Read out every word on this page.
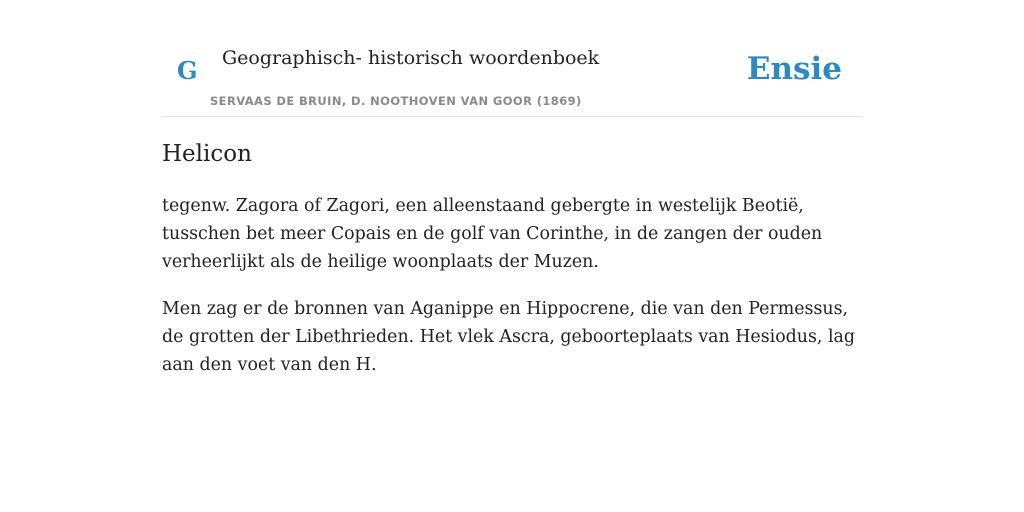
G Geographisch- historisch woordenboek
SERVAAS DE BRUIN, D. NOOTHOVEN VAN GOOR (1869)
Ensie
Helicon

tegenw. Zagora of Zagori, een alleenstaand gebergte in westelijk Beotië, tusschen bet meer Copais en de golf van Corinthe, in de zangen der ouden verheerlijkt als de heilige woonplaats der Muzen.

Men zag er de bronnen van Aganippe en Hippocrene, die van den Permessus, de grotten der Libethrieden. Het vlek Ascra, geboorteplaats van Hesiodus, lag aan den voet van den H.
